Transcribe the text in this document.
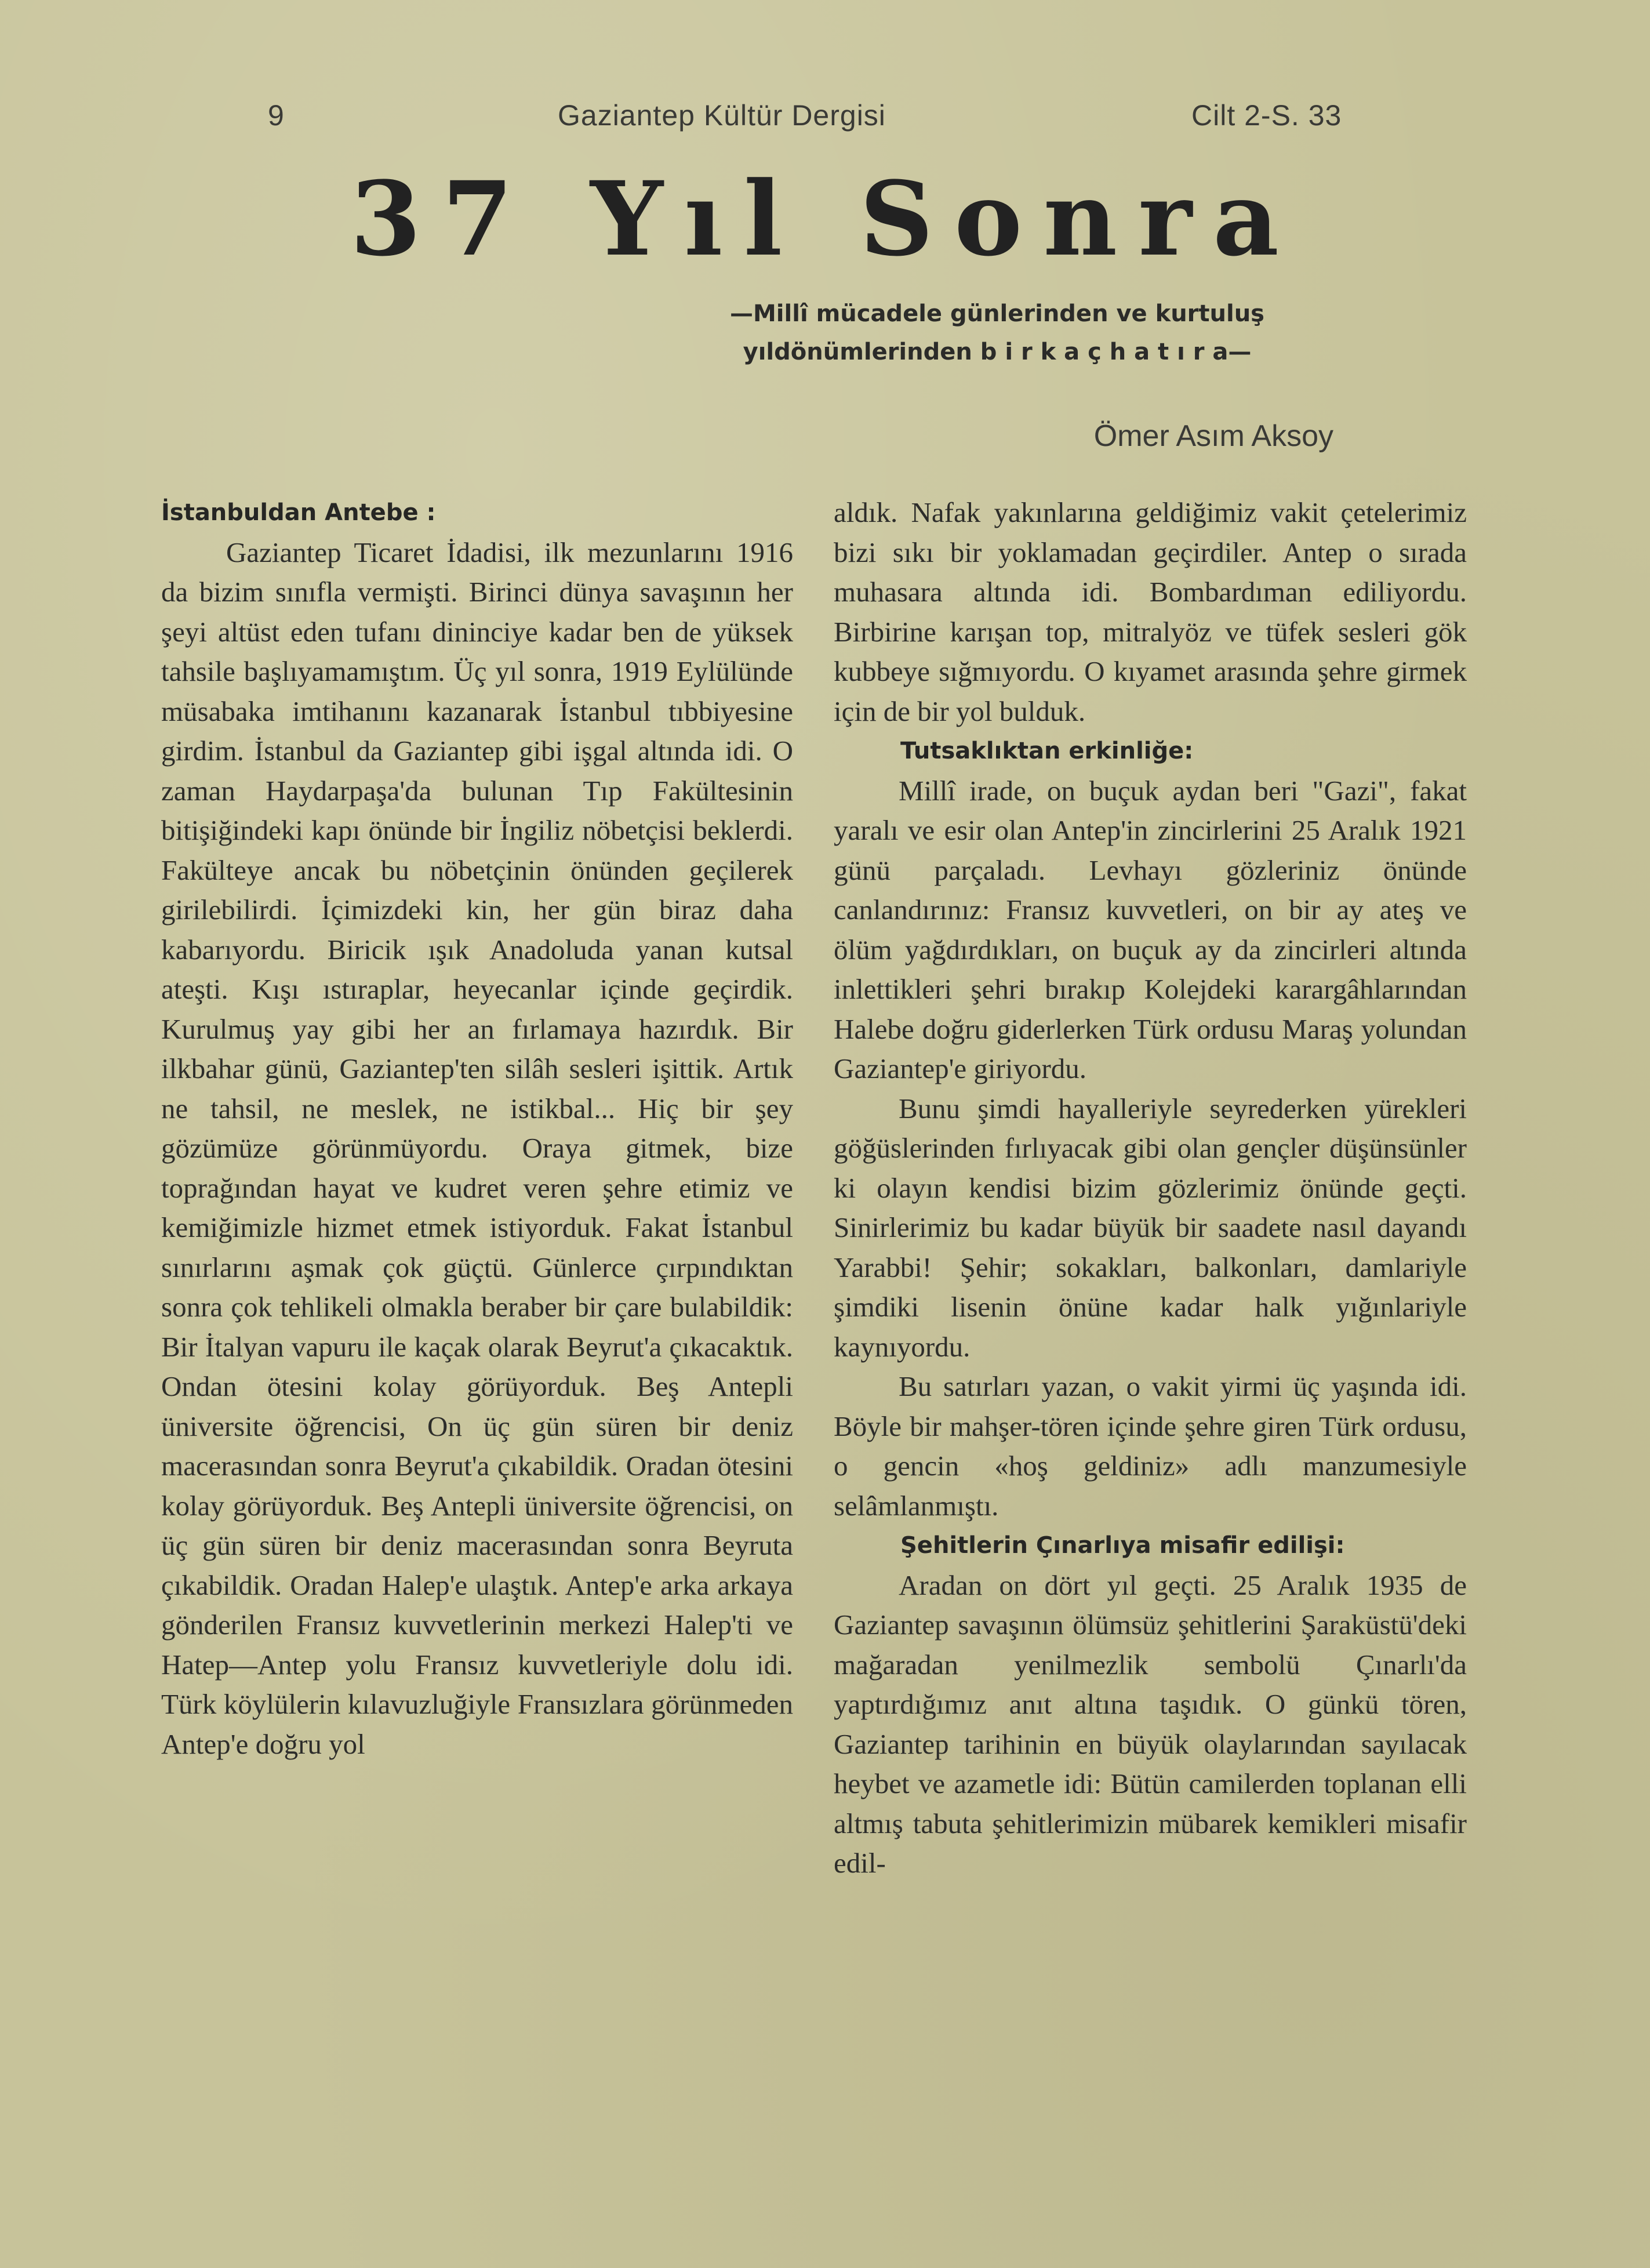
9	Gaziantep Kültür Dergisi	Cilt 2-S. 33
37 Yıl Sonra
—Millî mücadele günlerinden ve kurtuluş
yıldönümlerinden b i r k a ç h a t ı r a—
Ömer Asım Aksoy

İstanbuldan Antebe :

Gaziantep Ticaret İdadisi, ilk mezunlarını 1916 da bizim sınıfla vermişti. Birinci dünya savaşının her şeyi altüst eden tufanı dininciye kadar ben de yüksek tahsile başlıyamamıştım. Üç yıl sonra, 1919 Eylülünde müsabaka imtihanını kazanarak İstanbul tıbbiyesine girdim. İstanbul da Gaziantep gibi işgal altında idi. O zaman Haydarpaşa'da bulunan Tıp Fakültesinin bitişiğindeki kapı önünde bir İngiliz nöbetçisi beklerdi. Fakülteye ancak bu nöbetçinin önünden geçilerek girilebilirdi. İçimizdeki kin, her gün biraz daha kabarıyordu. Biricik ışık Anadoluda yanan kutsal ateşti. Kışı ıstıraplar, heyecanlar içinde geçirdik. Kurulmuş yay gibi her an fırlamaya hazırdık. Bir ilkbahar günü, Gaziantep'ten silâh sesleri işittik. Artık ne tahsil, ne meslek, ne istikbal... Hiç bir şey gözümüze görünmüyordu. Oraya gitmek, bize toprağından hayat ve kudret veren şehre etimiz ve kemiğimizle hizmet etmek istiyorduk. Fakat İstanbul sınırlarını aşmak çok güçtü. Günlerce çırpındıktan sonra çok tehlikeli olmakla beraber bir çare bulabildik: Bir İtalyan vapuru ile kaçak olarak Beyrut'a çıkacaktık. Ondan ötesini kolay görüyorduk. Beş Antepli üniversite öğrencisi, On üç gün süren bir deniz macerasından sonra Beyrut'a çıkabildik. Oradan ötesini kolay görüyorduk. Beş Antepli üniversite öğrencisi, on üç gün süren bir deniz macerasından sonra Beyruta çıkabildik. Oradan Halep'e ulaştık. Antep'e arka arkaya gönderilen Fransız kuvvetlerinin merkezi Halep'ti ve Hatep—Antep yolu Fransız kuvvetleriyle dolu idi. Türk köylülerin kılavuzluğiyle Fransızlara görünmeden Antep'e doğru yol

aldık. Nafak yakınlarına geldiğimiz vakit çetelerimiz bizi sıkı bir yoklamadan geçirdiler. Antep o sırada muhasara altında idi. Bombardıman ediliyordu. Birbirine karışan top, mitralyöz ve tüfek sesleri gök kubbeye sığmıyordu. O kıyamet arasında şehre girmek için de bir yol bulduk.

Tutsaklıktan erkinliğe:

Millî irade, on buçuk aydan beri "Gazi", fakat yaralı ve esir olan Antep'in zincirlerini 25 Aralık 1921 günü parçaladı. Levhayı gözleriniz önünde canlandırınız: Fransız kuvvetleri, on bir ay ateş ve ölüm yağdırdıkları, on buçuk ay da zincirleri altında inlettikleri şehri bırakıp Kolejdeki karargâhlarından Halebe doğru giderlerken Türk ordusu Maraş yolundan Gaziantep'e giriyordu.

Bunu şimdi hayalleriyle seyrederken yürekleri göğüslerinden fırlıyacak gibi olan gençler düşünsünler ki olayın kendisi bizim gözlerimiz önünde geçti. Sinirlerimiz bu kadar büyük bir saadete nasıl dayandı Yarabbi! Şehir; sokakları, balkonları, damlariyle şimdiki lisenin önüne kadar halk yığınlariyle kaynıyordu.

Bu satırları yazan, o vakit yirmi üç yaşında idi. Böyle bir mahşer-tören içinde şehre giren Türk ordusu, o gencin «hoş geldiniz» adlı manzumesiyle selâmlanmıştı.

Şehitlerin Çınarlıya misafir edilişi:

Aradan on dört yıl geçti. 25 Aralık 1935 de Gaziantep savaşının ölümsüz şehitlerini Şaraküstü'deki mağaradan yenilmezlik sembolü Çınarlı'da yaptırdığımız anıt altına taşıdık. O günkü tören, Gaziantep tarihinin en büyük olaylarından sayılacak heybet ve azametle idi: Bütün camilerden toplanan elli altmış tabuta şehitlerimizin mübarek kemikleri misafir edil-
